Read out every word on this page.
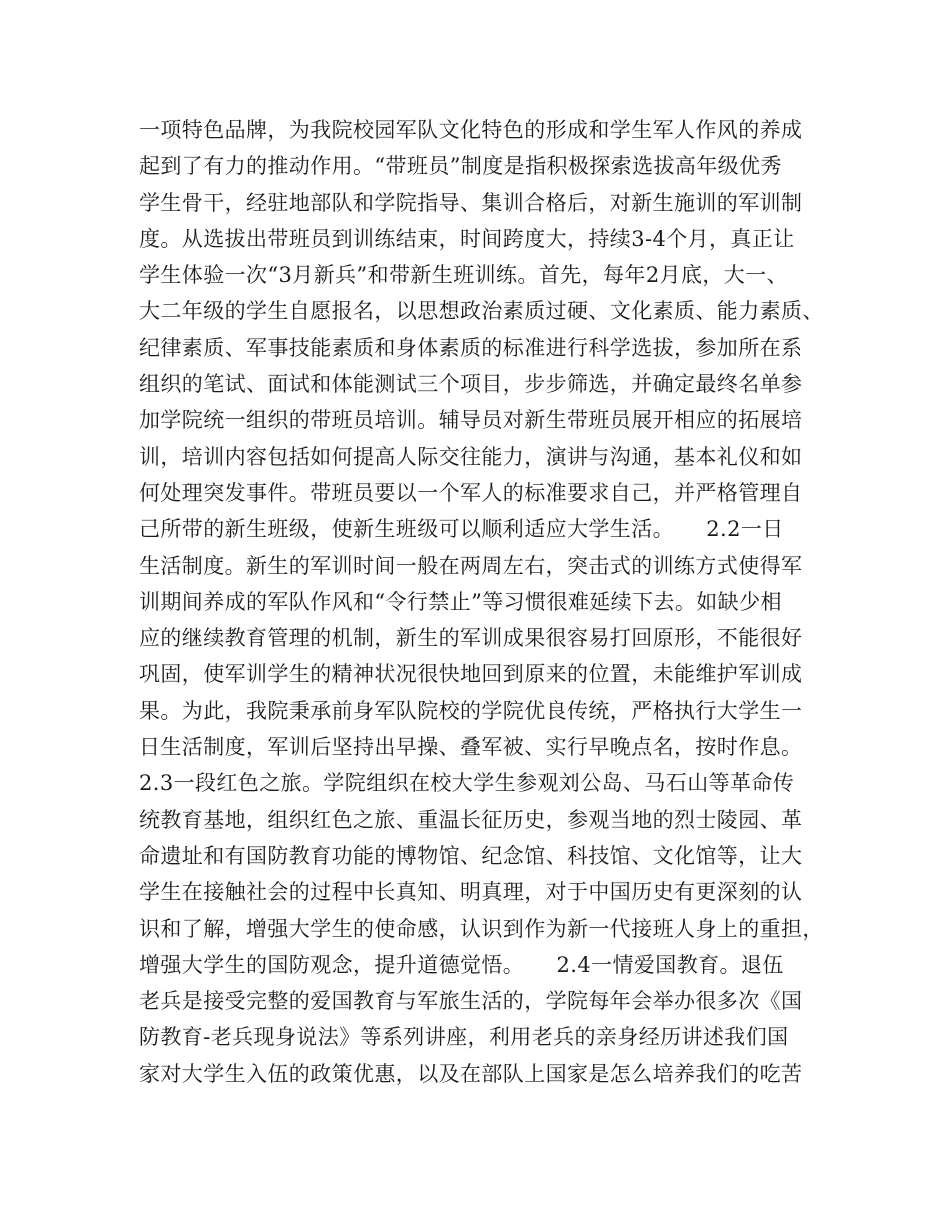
一项特色品牌，为我院校园军队文化特色的形成和学生军人作风的养成
起到了有力的推动作用。“带班员”制度是指积极探索选拔高年级优秀
学生骨干，经驻地部队和学院指导、集训合格后，对新生施训的军训制
度。从选拔出带班员到训练结束，时间跨度大，持续3-4个月，真正让
学生体验一次“3月新兵”和带新生班训练。首先，每年2月底，大一、
大二年级的学生自愿报名，以思想政治素质过硬、文化素质、能力素质、
纪律素质、军事技能素质和身体素质的标准进行科学选拔，参加所在系
组织的笔试、面试和体能测试三个项目，步步筛选，并确定最终名单参
加学院统一组织的带班员培训。辅导员对新生带班员展开相应的拓展培
训，培训内容包括如何提高人际交往能力，演讲与沟通，基本礼仪和如
何处理突发事件。带班员要以一个军人的标准要求自己，并严格管理自
己所带的新生班级，使新生班级可以顺利适应大学生活。　　2.2一日
生活制度。新生的军训时间一般在两周左右，突击式的训练方式使得军
训期间养成的军队作风和“令行禁止”等习惯很难延续下去。如缺少相
应的继续教育管理的机制，新生的军训成果很容易打回原形，不能很好
巩固，使军训学生的精神状况很快地回到原来的位置，未能维护军训成
果。为此，我院秉承前身军队院校的学院优良传统，严格执行大学生一
日生活制度，军训后坚持出早操、叠军被、实行早晚点名，按时作息。
2.3一段红色之旅。学院组织在校大学生参观刘公岛、马石山等革命传
统教育基地，组织红色之旅、重温长征历史，参观当地的烈士陵园、革
命遗址和有国防教育功能的博物馆、纪念馆、科技馆、文化馆等，让大
学生在接触社会的过程中长真知、明真理，对于中国历史有更深刻的认
识和了解，增强大学生的使命感，认识到作为新一代接班人身上的重担，
增强大学生的国防观念，提升道德觉悟。　　2.4一情爱国教育。退伍
老兵是接受完整的爱国教育与军旅生活的，学院每年会举办很多次《国
防教育-老兵现身说法》等系列讲座，利用老兵的亲身经历讲述我们国
家对大学生入伍的政策优惠，以及在部队上国家是怎么培养我们的吃苦
